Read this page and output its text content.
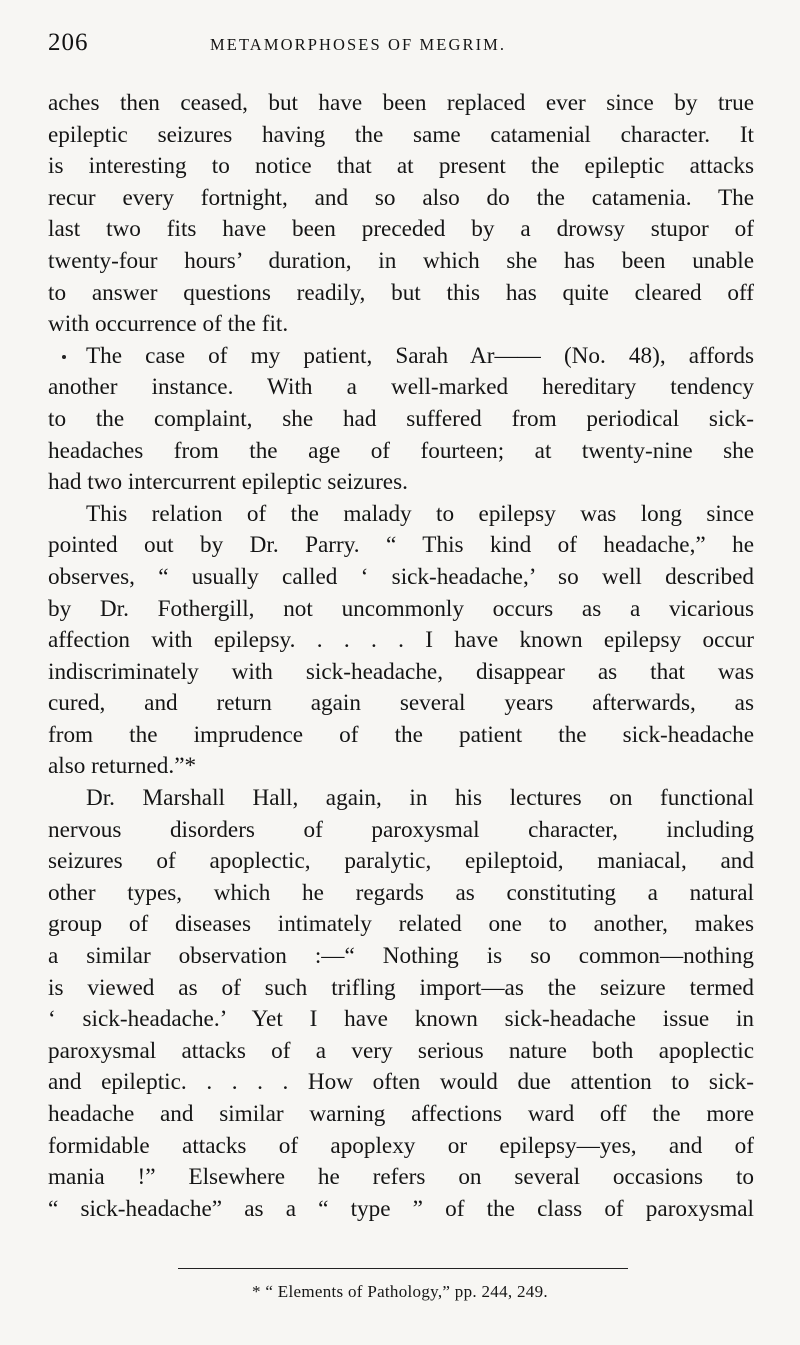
206	METAMORPHOSES OF MEGRIM.
aches then ceased, but have been replaced ever since by true
epileptic seizures having the same catamenial character. It
is interesting to notice that at present the epileptic attacks
recur every fortnight, and so also do the catamenia. The
last two fits have been preceded by a drowsy stupor of
twenty-four hours’ duration, in which she has been unable
to answer questions readily, but this has quite cleared off
with occurrence of the fit.
The case of my patient, Sarah Ar—— (No. 48), affords
another instance. With a well-marked hereditary tendency
to the complaint, she had suffered from periodical sick-
headaches from the age of fourteen; at twenty-nine she
had two intercurrent epileptic seizures.
This relation of the malady to epilepsy was long since
pointed out by Dr. Parry. “ This kind of headache,” he
observes, “ usually called ‘ sick-headache,’ so well described
by Dr. Fothergill, not uncommonly occurs as a vicarious
affection with epilepsy. . . . . I have known epilepsy occur
indiscriminately with sick-headache, disappear as that was
cured, and return again several years afterwards, as
from the imprudence of the patient the sick-headache
also returned.”*
Dr. Marshall Hall, again, in his lectures on functional
nervous disorders of paroxysmal character, including
seizures of apoplectic, paralytic, epileptoid, maniacal, and
other types, which he regards as constituting a natural
group of diseases intimately related one to another, makes
a similar observation :—“ Nothing is so common—nothing
is viewed as of such trifling import—as the seizure termed
‘ sick-headache.’ Yet I have known sick-headache issue in
paroxysmal attacks of a very serious nature both apoplectic
and epileptic. . . . . How often would due attention to sick-
headache and similar warning affections ward off the more
formidable attacks of apoplexy or epilepsy—yes, and of
mania !” Elsewhere he refers on several occasions to
“ sick-headache” as a “ type ” of the class of paroxysmal
* “ Elements of Pathology,” pp. 244, 249.
